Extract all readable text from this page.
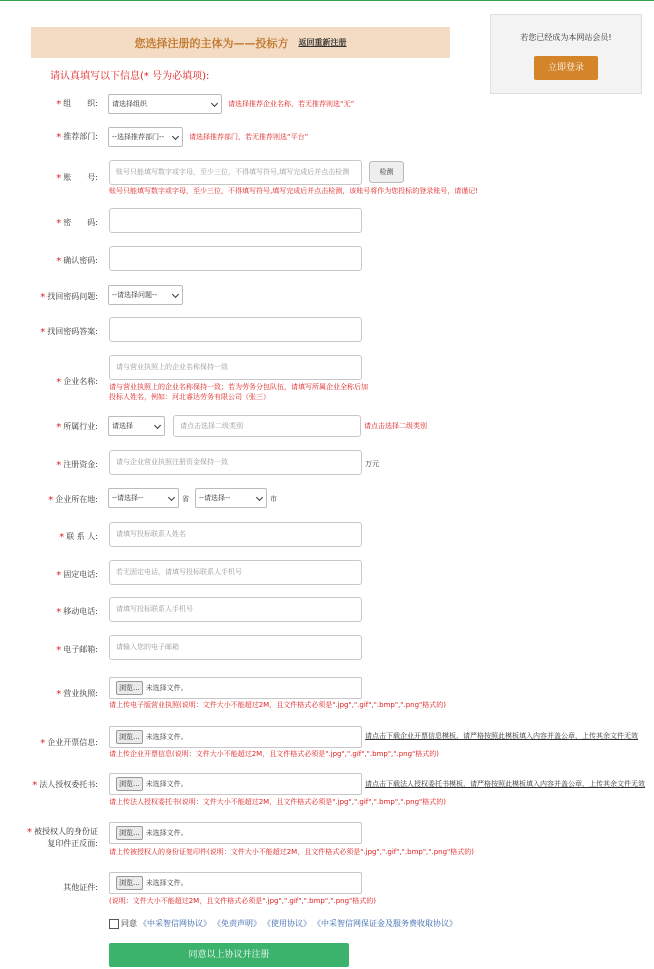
您选择注册的主体为——投标方 返回重新注册
请认真填写以下信息(* 号为必填项):
若您已经成为本网站会员!
立即登录
* 组　　织:	请选择组织	请选择推荐企业名称，若无推荐则选“无”
* 推荐部门:	--选择推荐部门--	请选择推荐部门，若无推荐则选“平台”
* 账　　号:
账号只能填写数字或字母，至少三位，不得填写符号,填写完成后并点击检测	检测
账号只能填写数字或字母，至少三位，不得填写符号,填写完成后并点击检测，该账号将作为您投标的登录账号，请谨记!
* 密　　码:
* 确认密码:
* 找回密码问题:	--请选择问题--
* 找回密码答案:
* 企业名称:
请与营业执照上的企业名称保持一致
请与营业执照上的企业名称保持一致；若为劳务分包队伍，请填写所属企业全称后加投标人姓名，例如：河北睿达劳务有限公司（张三）
* 所属行业:	请选择	请点击选择二级类别	请点击选择二级类别
* 注册资金:	请与企业营业执照注册资金保持一致	万元
* 企业所在地:	--请选择--	省	--请选择--	市
* 联 系 人:	请填写投标联系人姓名
* 固定电话:	若无固定电话，请填写投标联系人手机号
* 移动电话:	请填写投标联系人手机号
* 电子邮箱:	请输入您的电子邮箱
* 营业执照:
浏览... 未选择文件。
请上传电子版营业执照(说明：文件大小不能超过2M，且文件格式必须是".jpg",".gif",".bmp",".png"格式的)
* 企业开票信息:
浏览... 未选择文件。	请点击下载企业开票信息模板，请严格按照此模板填入内容并盖公章，上传其余文件无效
请上传企业开票信息(说明：文件大小不能超过2M，且文件格式必须是".jpg",".gif",".bmp",".png"格式的)
* 法人授权委托书:	浏览... 未选择文件。	请点击下载法人授权委托书模板，请严格按照此模板填入内容并盖公章，上传其余文件无效
请上传法人授权委托书(说明：文件大小不能超过2M，且文件格式必须是".jpg",".gif",".bmp",".png"格式的)
* 被授权人的身份证复印件正反面:
浏览... 未选择文件。
请上传被授权人的身份证复印件(说明：文件大小不能超过2M，且文件格式必须是".jpg",".gif",".bmp",".png"格式的)
其他证件:	浏览... 未选择文件。
(说明：文件大小不能超过2M，且文件格式必须是".jpg",".gif",".bmp",".png"格式的)
同意 《中采智信网协议》 《免责声明》 《使用协议》 《中采智信网保证金及服务费收取协议》
同意以上协议并注册
